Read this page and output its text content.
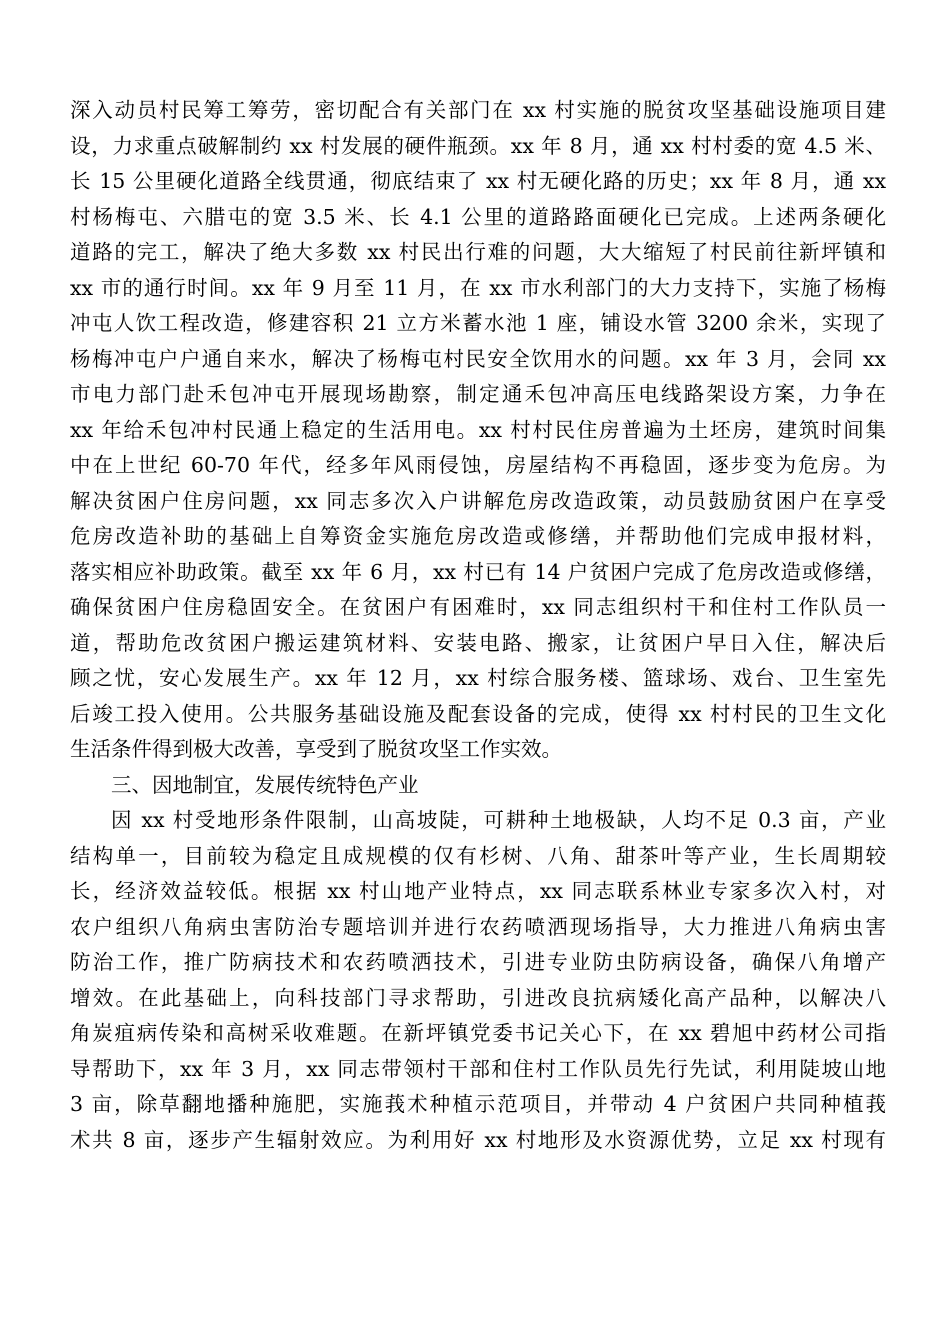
深入动员村民筹工筹劳，密切配合有关部门在 xx 村实施的脱贫攻坚基础设施项目建
设，力求重点破解制约 xx 村发展的硬件瓶颈。xx 年 8 月，通 xx 村村委的宽 4.5 米、
长 15 公里硬化道路全线贯通，彻底结束了 xx 村无硬化路的历史；xx 年 8 月，通 xx
村杨梅屯、六腊屯的宽 3.5 米、长 4.1 公里的道路路面硬化已完成。上述两条硬化
道路的完工，解决了绝大多数 xx 村民出行难的问题，大大缩短了村民前往新坪镇和
xx 市的通行时间。xx 年 9 月至 11 月，在 xx 市水利部门的大力支持下，实施了杨梅
冲屯人饮工程改造，修建容积 21 立方米蓄水池 1 座，铺设水管 3200 余米，实现了
杨梅冲屯户户通自来水，解决了杨梅屯村民安全饮用水的问题。xx 年 3 月，会同 xx
市电力部门赴禾包冲屯开展现场勘察，制定通禾包冲高压电线路架设方案，力争在
xx 年给禾包冲村民通上稳定的生活用电。xx 村村民住房普遍为土坯房，建筑时间集
中在上世纪 60-70 年代，经多年风雨侵蚀，房屋结构不再稳固，逐步变为危房。为
解决贫困户住房问题，xx 同志多次入户讲解危房改造政策，动员鼓励贫困户在享受
危房改造补助的基础上自筹资金实施危房改造或修缮，并帮助他们完成申报材料，
落实相应补助政策。截至 xx 年 6 月，xx 村已有 14 户贫困户完成了危房改造或修缮，
确保贫困户住房稳固安全。在贫困户有困难时，xx 同志组织村干和住村工作队员一
道，帮助危改贫困户搬运建筑材料、安装电路、搬家，让贫困户早日入住，解决后
顾之忧，安心发展生产。xx 年 12 月，xx 村综合服务楼、篮球场、戏台、卫生室先
后竣工投入使用。公共服务基础设施及配套设备的完成，使得 xx 村村民的卫生文化
生活条件得到极大改善，享受到了脱贫攻坚工作实效。
三、因地制宜，发展传统特色产业
因 xx 村受地形条件限制，山高坡陡，可耕种土地极缺，人均不足 0.3 亩，产业
结构单一，目前较为稳定且成规模的仅有杉树、八角、甜茶叶等产业，生长周期较
长，经济效益较低。根据 xx 村山地产业特点，xx 同志联系林业专家多次入村，对
农户组织八角病虫害防治专题培训并进行农药喷洒现场指导，大力推进八角病虫害
防治工作，推广防病技术和农药喷洒技术，引进专业防虫防病设备，确保八角增产
增效。在此基础上，向科技部门寻求帮助，引进改良抗病矮化高产品种，以解决八
角炭疽病传染和高树采收难题。在新坪镇党委书记关心下，在 xx 碧旭中药材公司指
导帮助下，xx 年 3 月，xx 同志带领村干部和住村工作队员先行先试，利用陡坡山地
3 亩，除草翻地播种施肥，实施莪术种植示范项目，并带动 4 户贫困户共同种植莪
术共 8 亩，逐步产生辐射效应。为利用好 xx 村地形及水资源优势，立足 xx 村现有
